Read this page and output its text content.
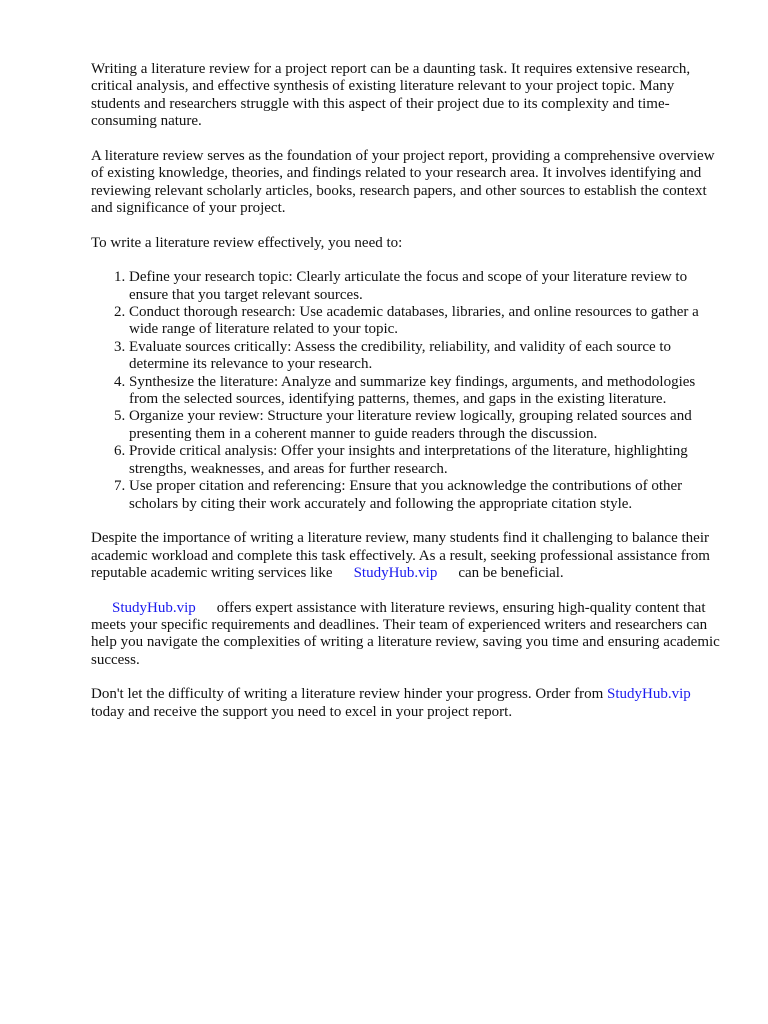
Writing a literature review for a project report can be a daunting task. It requires extensive research, critical analysis, and effective synthesis of existing literature relevant to your project topic. Many students and researchers struggle with this aspect of their project due to its complexity and time-consuming nature.

A literature review serves as the foundation of your project report, providing a comprehensive overview of existing knowledge, theories, and findings related to your research area. It involves identifying and reviewing relevant scholarly articles, books, research papers, and other sources to establish the context and significance of your project.

To write a literature review effectively, you need to:

1. Define your research topic: Clearly articulate the focus and scope of your literature review to ensure that you target relevant sources.
2. Conduct thorough research: Use academic databases, libraries, and online resources to gather a wide range of literature related to your topic.
3. Evaluate sources critically: Assess the credibility, reliability, and validity of each source to determine its relevance to your research.
4. Synthesize the literature: Analyze and summarize key findings, arguments, and methodologies from the selected sources, identifying patterns, themes, and gaps in the existing literature.
5. Organize your review: Structure your literature review logically, grouping related sources and presenting them in a coherent manner to guide readers through the discussion.
6. Provide critical analysis: Offer your insights and interpretations of the literature, highlighting strengths, weaknesses, and areas for further research.
7. Use proper citation and referencing: Ensure that you acknowledge the contributions of other scholars by citing their work accurately and following the appropriate citation style.

Despite the importance of writing a literature review, many students find it challenging to balance their academic workload and complete this task effectively. As a result, seeking professional assistance from reputable academic writing services like StudyHub.vip can be beneficial.

StudyHub.vip offers expert assistance with literature reviews, ensuring high-quality content that meets your specific requirements and deadlines. Their team of experienced writers and researchers can help you navigate the complexities of writing a literature review, saving you time and ensuring academic success.

Don't let the difficulty of writing a literature review hinder your progress. Order from StudyHub.viptoday and receive the support you need to excel in your project report.
